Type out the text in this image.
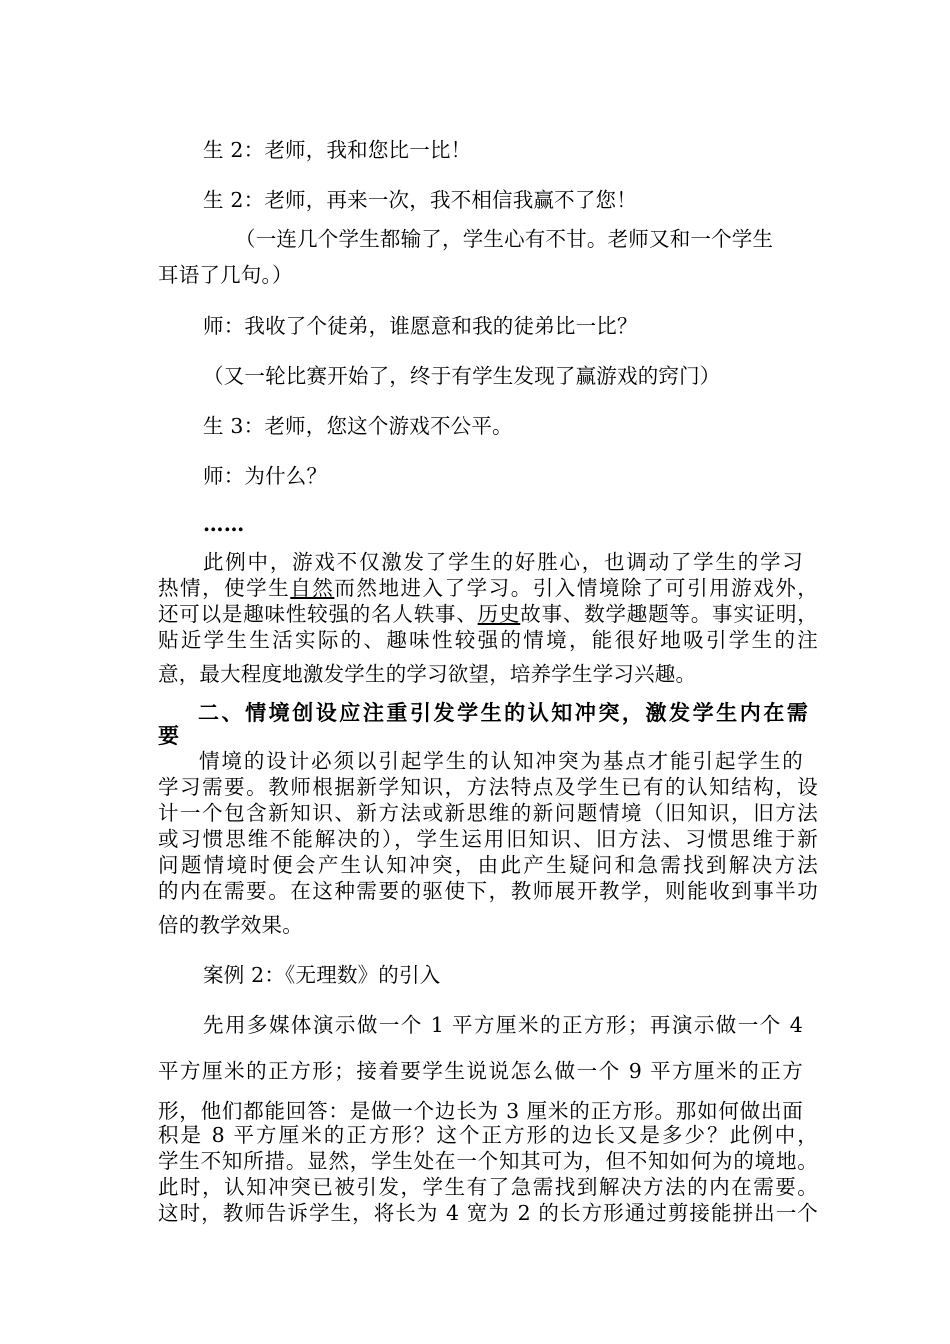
生 2：老师，我和您比一比！
生 2：老师，再来一次，我不相信我赢不了您！
（一连几个学生都输了，学生心有不甘。老师又和一个学生
耳语了几句。）
师：我收了个徒弟，谁愿意和我的徒弟比一比？
（又一轮比赛开始了，终于有学生发现了赢游戏的窍门）
生 3：老师，您这个游戏不公平。
师：为什么？
……
此例中，游戏不仅激发了学生的好胜心，也调动了学生的学习
热情，使学生自然而然地进入了学习。引入情境除了可引用游戏外，
还可以是趣味性较强的名人轶事、历史故事、数学趣题等。事实证明，
贴近学生生活实际的、趣味性较强的情境，能很好地吸引学生的注
意，最大程度地激发学生的学习欲望，培养学生学习兴趣。
二、情境创设应注重引发学生的认知冲突，激发学生内在需
要
情境的设计必须以引起学生的认知冲突为基点才能引起学生的
学习需要。教师根据新学知识，方法特点及学生已有的认知结构，设
计一个包含新知识、新方法或新思维的新问题情境（旧知识，旧方法
或习惯思维不能解决的），学生运用旧知识、旧方法、习惯思维于新
问题情境时便会产生认知冲突，由此产生疑问和急需找到解决方法
的内在需要。在这种需要的驱使下，教师展开教学，则能收到事半功
倍的教学效果。
案例 2：《无理数》的引入
先用多媒体演示做一个 1 平方厘米的正方形；再演示做一个 4
平方厘米的正方形；接着要学生说说怎么做一个 9 平方厘米的正方
形，他们都能回答：是做一个边长为 3 厘米的正方形。那如何做出面
积是 8 平方厘米的正方形？这个正方形的边长又是多少？此例中，
学生不知所措。显然，学生处在一个知其可为，但不知如何为的境地。
此时，认知冲突已被引发，学生有了急需找到解决方法的内在需要。
这时，教师告诉学生，将长为 4 宽为 2 的长方形通过剪接能拼出一个
